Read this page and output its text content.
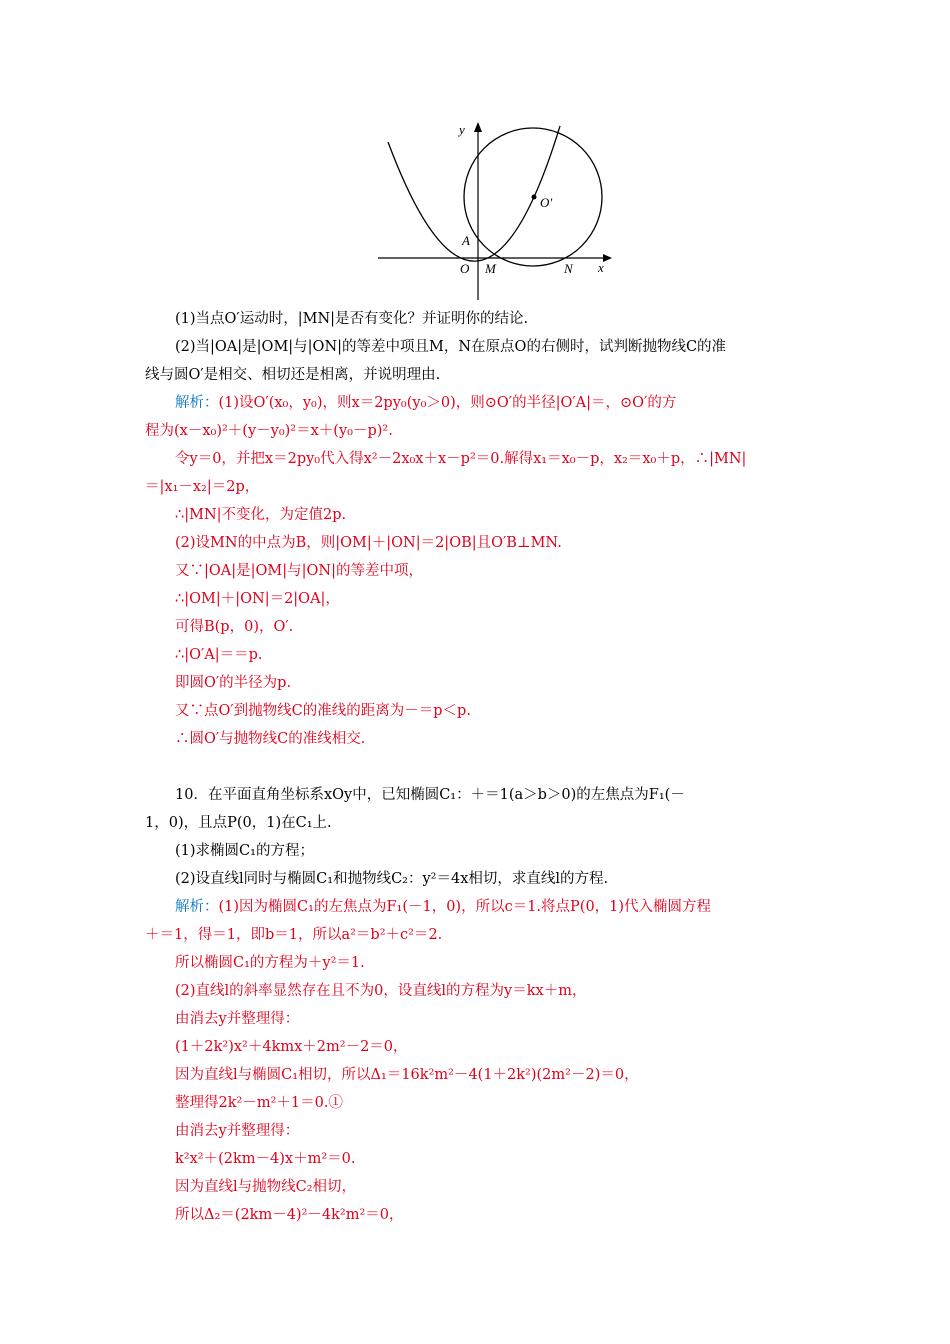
y
x
O
A
M	N
O′

(1)当点O′运动时，|MN|是否有变化？并证明你的结论.

(2)当|OA|是|OM|与|ON|的等差中项且M，N在原点O的右侧时，试判断抛物线C的准

线与圆O′是相交、相切还是相离，并说明理由.

解析：(1)设O′(x₀，y₀)，则x＝2py₀(y₀＞0)，则⊙O′的半径|O′A|＝，⊙O′的方

程为(x－x₀)²＋(y－y₀)²＝x＋(y₀－p)².

令y＝0，并把x＝2py₀代入得x²－2x₀x＋x－p²＝0.解得x₁＝x₀－p，x₂＝x₀＋p，∴|MN|

＝|x₁－x₂|＝2p，

∴|MN|不变化，为定值2p.

(2)设MN的中点为B，则|OM|＋|ON|＝2|OB|且O′B⊥MN.

又∵|OA|是|OM|与|ON|的等差中项，

∴|OM|＋|ON|＝2|OA|，

可得B(p，0)，O′.

∴|O′A|＝＝p.

即圆O′的半径为p.

又∵点O′到抛物线C的准线的距离为－＝p＜p.

∴圆O′与抛物线C的准线相交.

10．在平面直角坐标系xOy中，已知椭圆C₁：＋＝1(a＞b＞0)的左焦点为F₁(－

1，0)，且点P(0，1)在C₁上.

(1)求椭圆C₁的方程；

(2)设直线l同时与椭圆C₁和抛物线C₂：y²＝4x相切，求直线l的方程.

解析：(1)因为椭圆C₁的左焦点为F₁(－1，0)，所以c＝1.将点P(0，1)代入椭圆方程

＋＝1，得＝1，即b＝1，所以a²＝b²＋c²＝2.

所以椭圆C₁的方程为＋y²＝1.

(2)直线l的斜率显然存在且不为0，设直线l的方程为y＝kx＋m，

由消去y并整理得：

(1＋2k²)x²＋4kmx＋2m²－2＝0，

因为直线l与椭圆C₁相切，所以Δ₁＝16k²m²－4(1＋2k²)(2m²－2)＝0，

整理得2k²－m²＋1＝0.①

由消去y并整理得：

k²x²＋(2km－4)x＋m²＝0.

因为直线l与抛物线C₂相切，

所以Δ₂＝(2km－4)²－4k²m²＝0，
